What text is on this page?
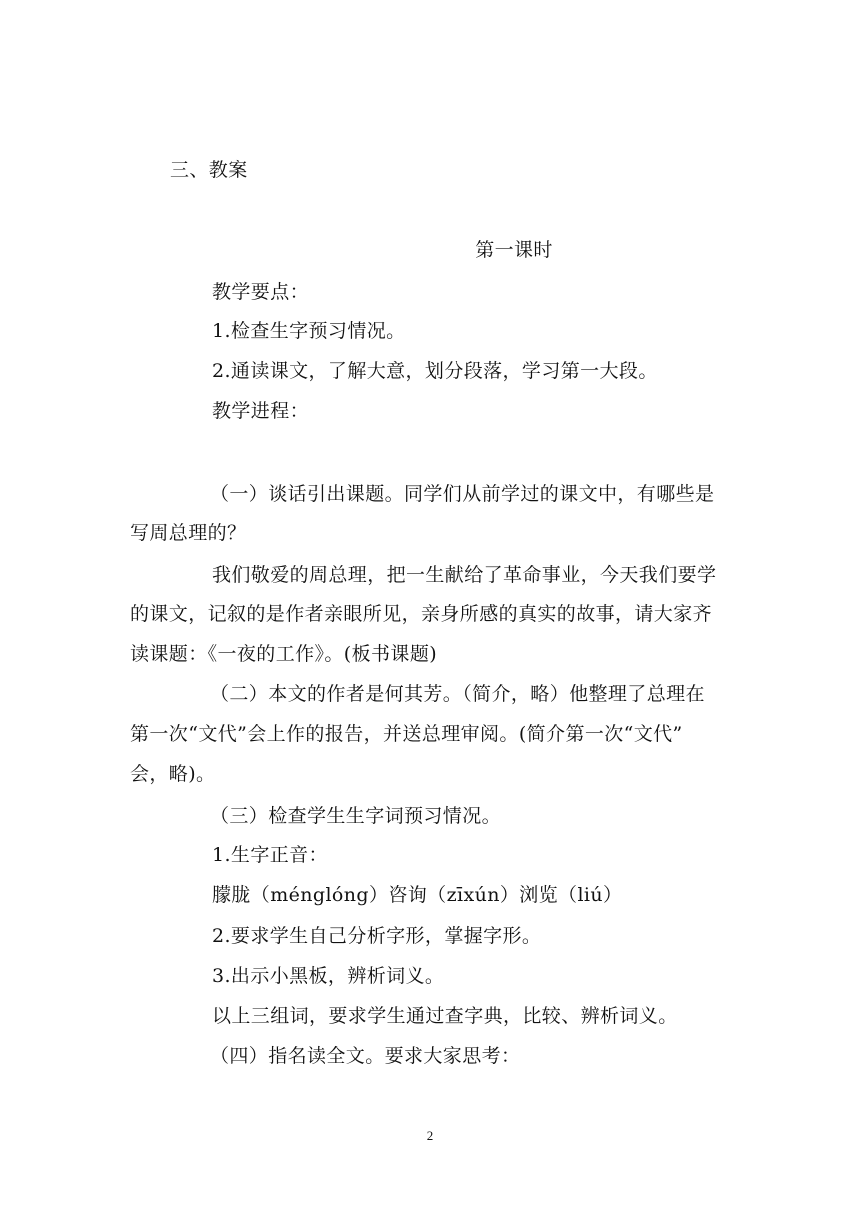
三、教案
第一课时
教学要点：
1.检查生字预习情况。
2.通读课文，了解大意，划分段落，学习第一大段。
教学进程：
（一）谈话引出课题。同学们从前学过的课文中，有哪些是
写周总理的？
我们敬爱的周总理，把一生献给了革命事业，今天我们要学
的课文，记叙的是作者亲眼所见，亲身所感的真实的故事，请大家齐
读课题：《一夜的工作》。(板书课题)
（二）本文的作者是何其芳。（简介，略）他整理了总理在
第一次“文代”会上作的报告，并送总理审阅。(简介第一次“文代”
会，略)。
（三）检查学生生字词预习情况。
1.生字正音：
朦胧（ménglóng）咨询（zīxún）浏览（liú）
2.要求学生自己分析字形，掌握字形。
3.出示小黑板，辨析词义。
以上三组词，要求学生通过查字典，比较、辨析词义。
（四）指名读全文。要求大家思考：
2
